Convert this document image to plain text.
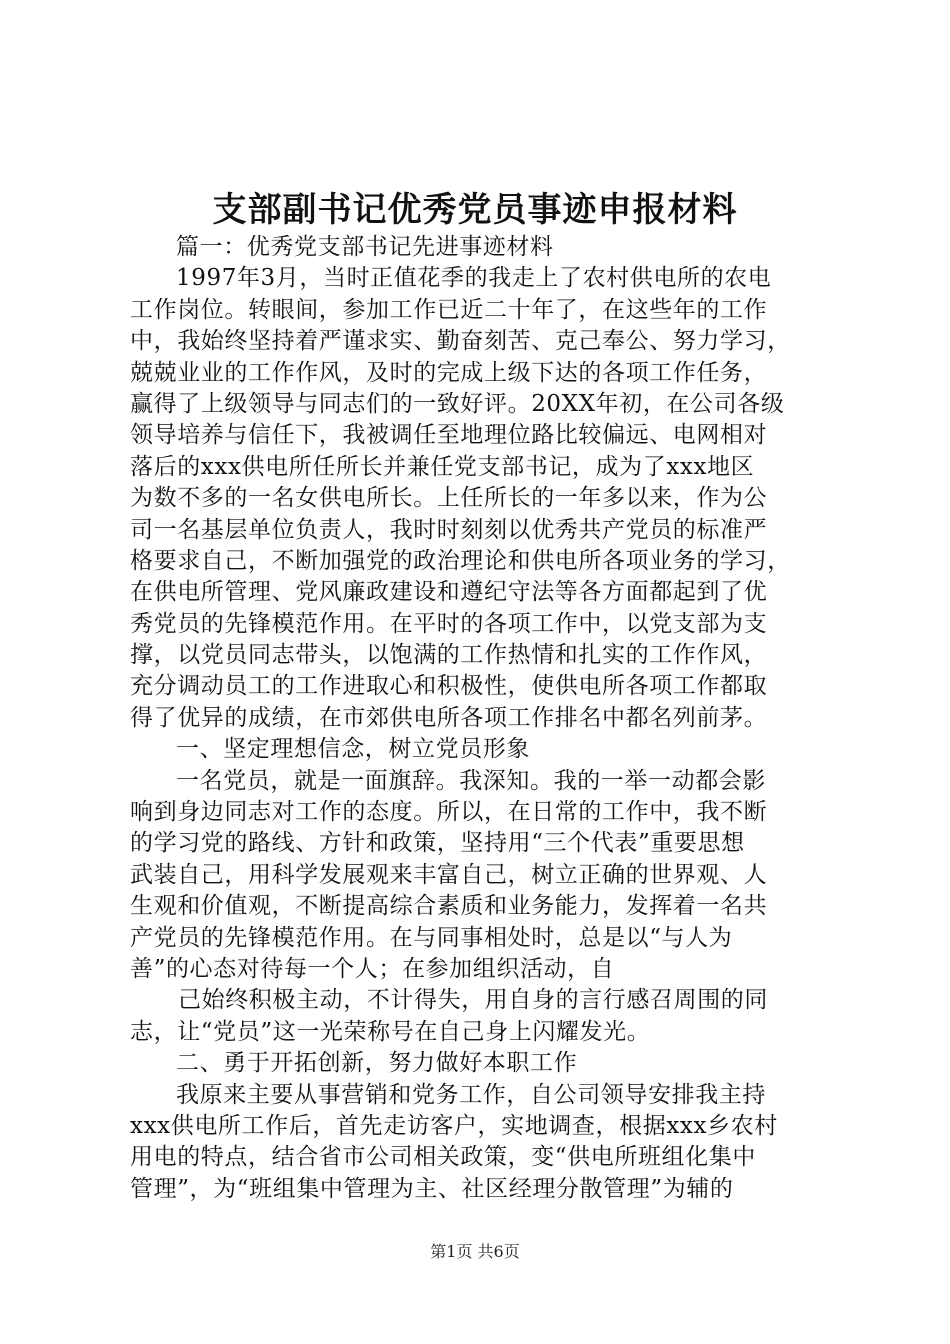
支部副书记优秀党员事迹申报材料
篇一：优秀党支部书记先进事迹材料
1997年3月，当时正值花季的我走上了农村供电所的农电
工作岗位。转眼间，参加工作已近二十年了，在这些年的工作
中，我始终坚持着严谨求实、勤奋刻苦、克己奉公、努力学习，
兢兢业业的工作作风，及时的完成上级下达的各项工作任务，
赢得了上级领导与同志们的一致好评。20XX年初，在公司各级
领导培养与信任下，我被调任至地理位路比较偏远、电网相对
落后的xxx供电所任所长并兼任党支部书记，成为了xxx地区
为数不多的一名女供电所长。上任所长的一年多以来，作为公
司一名基层单位负责人，我时时刻刻以优秀共产党员的标准严
格要求自己，不断加强党的政治理论和供电所各项业务的学习，
在供电所管理、党风廉政建设和遵纪守法等各方面都起到了优
秀党员的先锋模范作用。在平时的各项工作中，以党支部为支
撑，以党员同志带头，以饱满的工作热情和扎实的工作作风，
充分调动员工的工作进取心和积极性，使供电所各项工作都取
得了优异的成绩，在市郊供电所各项工作排名中都名列前茅。
一、坚定理想信念，树立党员形象
一名党员，就是一面旗辞。我深知。我的一举一动都会影
响到身边同志对工作的态度。所以，在日常的工作中，我不断
的学习党的路线、方针和政策，坚持用“三个代表”重要思想
武装自己，用科学发展观来丰富自己，树立正确的世界观、人
生观和价值观，不断提高综合素质和业务能力，发挥着一名共
产党员的先锋模范作用。在与同事相处时，总是以“与人为
善”的心态对待每一个人；在参加组织活动，自
己始终积极主动，不计得失，用自身的言行感召周围的同
志，让“党员”这一光荣称号在自己身上闪耀发光。
二、勇于开拓创新，努力做好本职工作
我原来主要从事营销和党务工作，自公司领导安排我主持
xxx供电所工作后，首先走访客户，实地调查，根据xxx乡农村
用电的特点，结合省市公司相关政策，变“供电所班组化集中
管理”，为“班组集中管理为主、社区经理分散管理”为辅的
第1页 共6页
